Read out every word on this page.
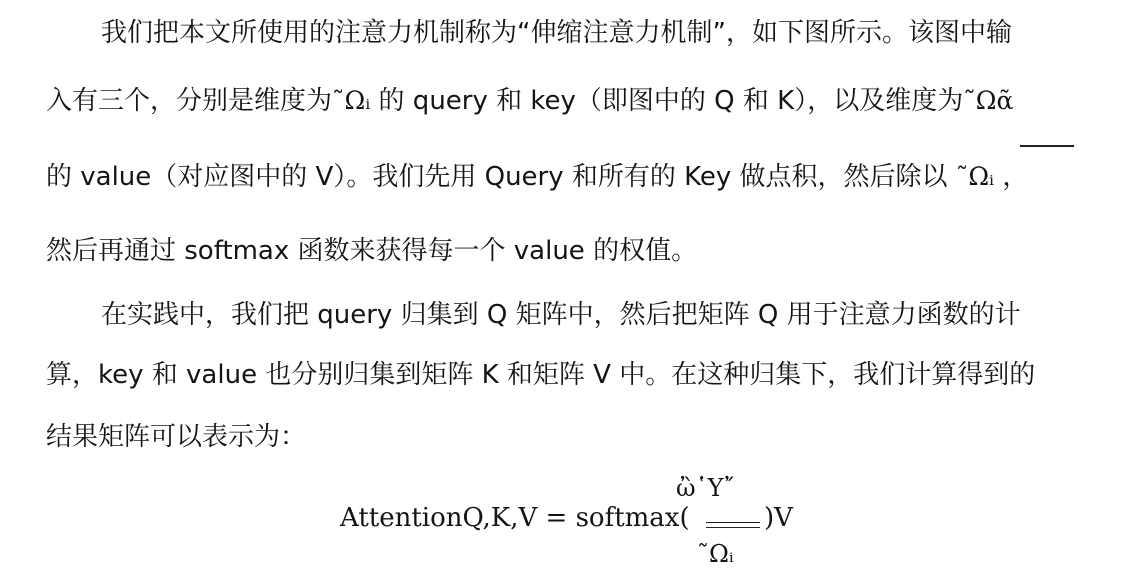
我们把本文所使用的注意力机制称为“伸缩注意力机制”，如下图所示。该图中输
入有三个，分别是维度为῀Ωᵢ 的 query 和 key（即图中的 Q 和 K），以及维度为῀Ωᾶ
的 value（对应图中的 V）。我们先用 Query 和所有的 Key 做点积，然后除以 ῀Ωᵢ ，
然后再通过 softmax 函数来获得每一个 value 的权值。
在实践中，我们把 query 归集到 Q 矩阵中，然后把矩阵 Q 用于注意力函数的计
算，key 和 value 也分别归集到矩阵 K 和矩阵 V 中。在这种归集下，我们计算得到的
结果矩阵可以表示为：
AttentionQ,K,V = softmax(
ὢ῾Υ῎
῀Ωᵢ
)V
